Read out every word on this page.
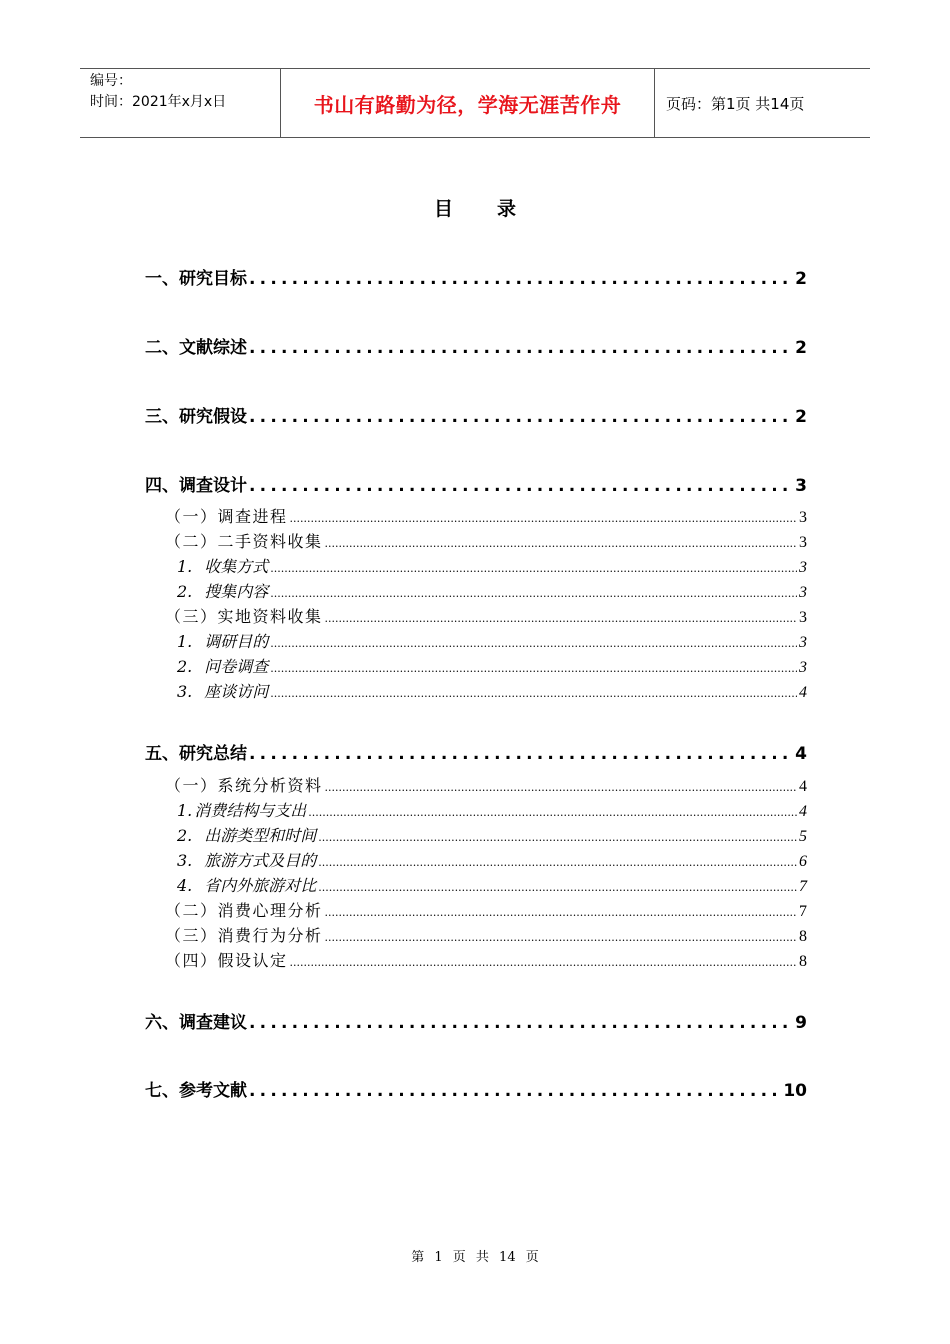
编号：
时间：2021年x月x日	书山有路勤为径，学海无涯苦作舟	页码：第1页 共14页
目 录
一、研究目标 .....	2
二、文献综述 .....	2
三、研究假设 .....	2
四、调查设计 .....	3
（一）调查进程 .....	3
（二）二手资料收集 .....	3
1. 收集方式 .....	3
2. 搜集内容 .....	3
（三）实地资料收集 .....	3
1. 调研目的 .....	3
2. 问卷调查 .....	3
3. 座谈访问 .....	4
五、研究总结 .....	4
（一）系统分析资料 .....	4
1. 消费结构与支出 .....	4
2. 出游类型和时间 .....	5
3. 旅游方式及目的 .....	6
4. 省内外旅游对比 .....	7
（二）消费心理分析 .....	7
（三）消费行为分析 .....	8
（四）假设认定 .....	8
六、调查建议 .....	9
七、参考文献 .....	10
第 1 页 共 14 页
